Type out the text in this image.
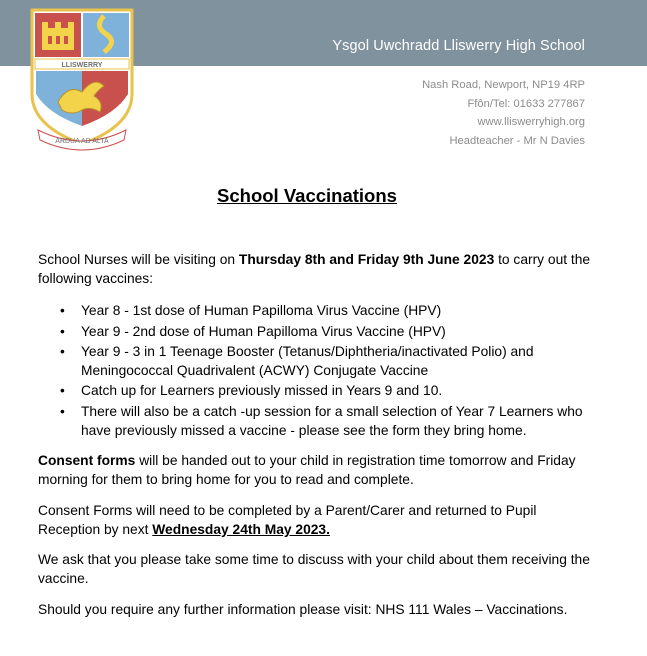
Ysgol Uwchradd Lliswerry High School
LLISWERRY
ARDUA AD ALTA
Nash Road, Newport, NP19 4RP
Ffôn/Tel: 01633 277867
www.lliswerryhigh.org
Headteacher - Mr N Davies
School Vaccinations

School Nurses will be visiting on Thursday 8th and Friday 9th June 2023 to carry out the following vaccines:

• Year 8 - 1st dose of Human Papilloma Virus Vaccine (HPV)
• Year 9 - 2nd dose of Human Papilloma Virus Vaccine (HPV)
• Year 9 - 3 in 1 Teenage Booster (Tetanus/Diphtheria/inactivated Polio) and Meningococcal Quadrivalent (ACWY) Conjugate Vaccine
• Catch up for Learners previously missed in Years 9 and 10.
• There will also be a catch -up session for a small selection of Year 7 Learners who have previously missed a vaccine - please see the form they bring home.

Consent forms will be handed out to your child in registration time tomorrow and Friday morning for them to bring home for you to read and complete.

Consent Forms will need to be completed by a Parent/Carer and returned to Pupil Reception by next Wednesday 24th May 2023.

We ask that you please take some time to discuss with your child about them receiving the vaccine.

Should you require any further information please visit: NHS 111 Wales – Vaccinations.
